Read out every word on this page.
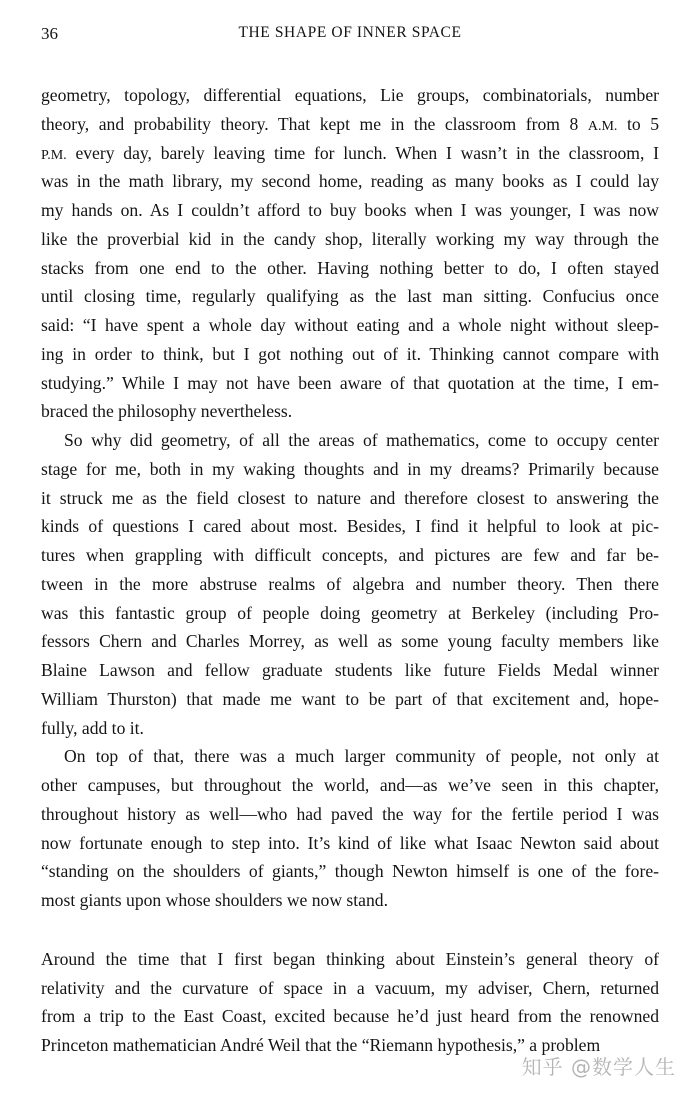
36	THE SHAPE OF INNER SPACE
geometry, topology, differential equations, Lie groups, combinatorials, number
theory, and probability theory. That kept me in the classroom from 8 A.M. to 5
P.M. every day, barely leaving time for lunch. When I wasn’t in the classroom, I
was in the math library, my second home, reading as many books as I could lay
my hands on. As I couldn’t afford to buy books when I was younger, I was now
like the proverbial kid in the candy shop, literally working my way through the
stacks from one end to the other. Having nothing better to do, I often stayed
until closing time, regularly qualifying as the last man sitting. Confucius once
said: “I have spent a whole day without eating and a whole night without sleep-
ing in order to think, but I got nothing out of it. Thinking cannot compare with
studying.” While I may not have been aware of that quotation at the time, I em-
braced the philosophy nevertheless.
So why did geometry, of all the areas of mathematics, come to occupy center
stage for me, both in my waking thoughts and in my dreams? Primarily because
it struck me as the field closest to nature and therefore closest to answering the
kinds of questions I cared about most. Besides, I find it helpful to look at pic-
tures when grappling with difficult concepts, and pictures are few and far be-
tween in the more abstruse realms of algebra and number theory. Then there
was this fantastic group of people doing geometry at Berkeley (including Pro-
fessors Chern and Charles Morrey, as well as some young faculty members like
Blaine Lawson and fellow graduate students like future Fields Medal winner
William Thurston) that made me want to be part of that excitement and, hope-
fully, add to it.
On top of that, there was a much larger community of people, not only at
other campuses, but throughout the world, and—as we’ve seen in this chapter,
throughout history as well—who had paved the way for the fertile period I was
now fortunate enough to step into. It’s kind of like what Isaac Newton said about
“standing on the shoulders of giants,” though Newton himself is one of the fore-
most giants upon whose shoulders we now stand.
Around the time that I first began thinking about Einstein’s general theory of
relativity and the curvature of space in a vacuum, my adviser, Chern, returned
from a trip to the East Coast, excited because he’d just heard from the renowned
Princeton mathematician André Weil that the “Riemann hypothesis,” a problem
知乎 @数学人生
